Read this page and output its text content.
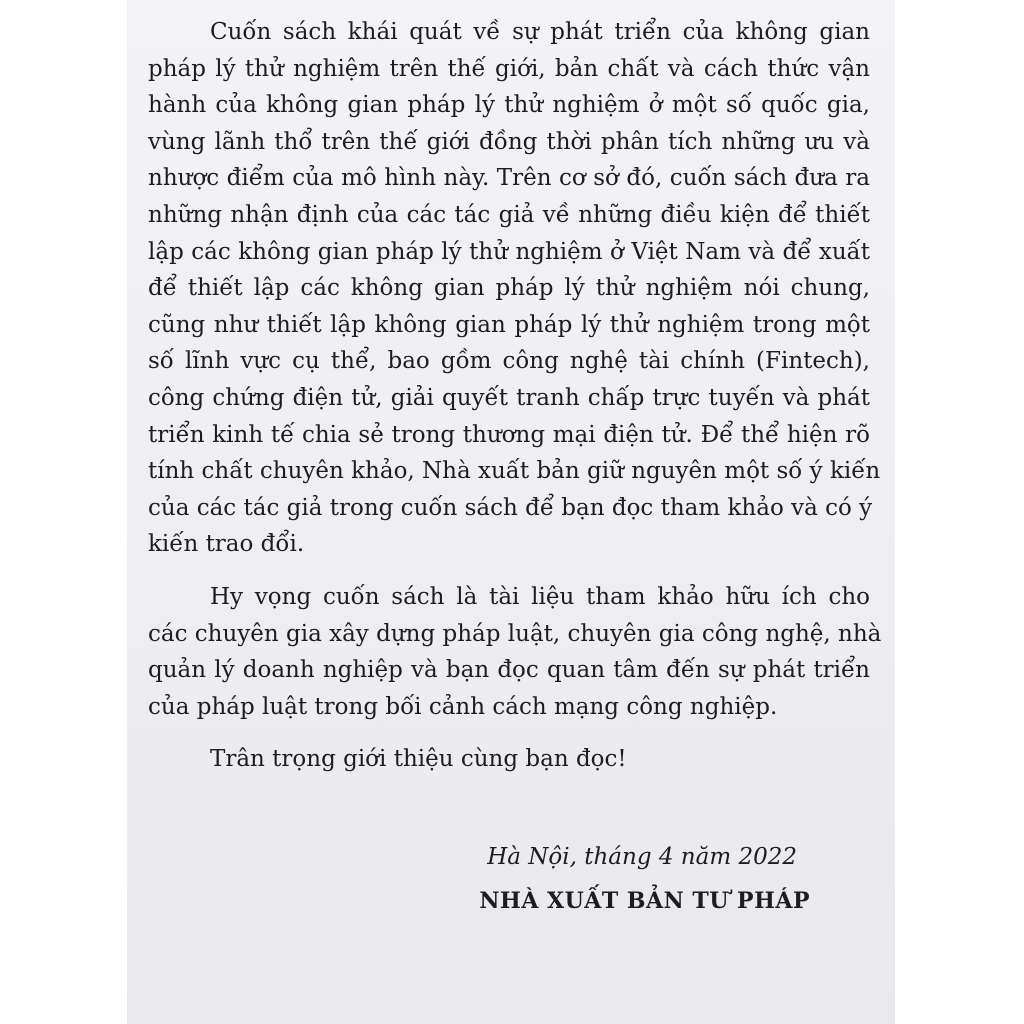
Cuốn sách khái quát về sự phát triển của không gian
pháp lý thử nghiệm trên thế giới, bản chất và cách thức vận
hành của không gian pháp lý thử nghiệm ở một số quốc gia,
vùng lãnh thổ trên thế giới đồng thời phân tích những ưu và
nhược điểm của mô hình này. Trên cơ sở đó, cuốn sách đưa ra
những nhận định của các tác giả về những điều kiện để thiết
lập các không gian pháp lý thử nghiệm ở Việt Nam và để xuất
để thiết lập các không gian pháp lý thử nghiệm nói chung,
cũng như thiết lập không gian pháp lý thử nghiệm trong một
số lĩnh vực cụ thể, bao gồm công nghệ tài chính (Fintech),
công chứng điện tử, giải quyết tranh chấp trực tuyến và phát
triển kinh tế chia sẻ trong thương mại điện tử. Để thể hiện rõ
tính chất chuyên khảo, Nhà xuất bản giữ nguyên một số ý kiến
của các tác giả trong cuốn sách để bạn đọc tham khảo và có ý
kiến trao đổi.
Hy vọng cuốn sách là tài liệu tham khảo hữu ích cho
các chuyên gia xây dựng pháp luật, chuyên gia công nghệ, nhà
quản lý doanh nghiệp và bạn đọc quan tâm đến sự phát triển
của pháp luật trong bối cảnh cách mạng công nghiệp.
Trân trọng giới thiệu cùng bạn đọc!
Hà Nội, tháng 4 năm 2022
NHÀ XUẤT BẢN TƯ PHÁP
